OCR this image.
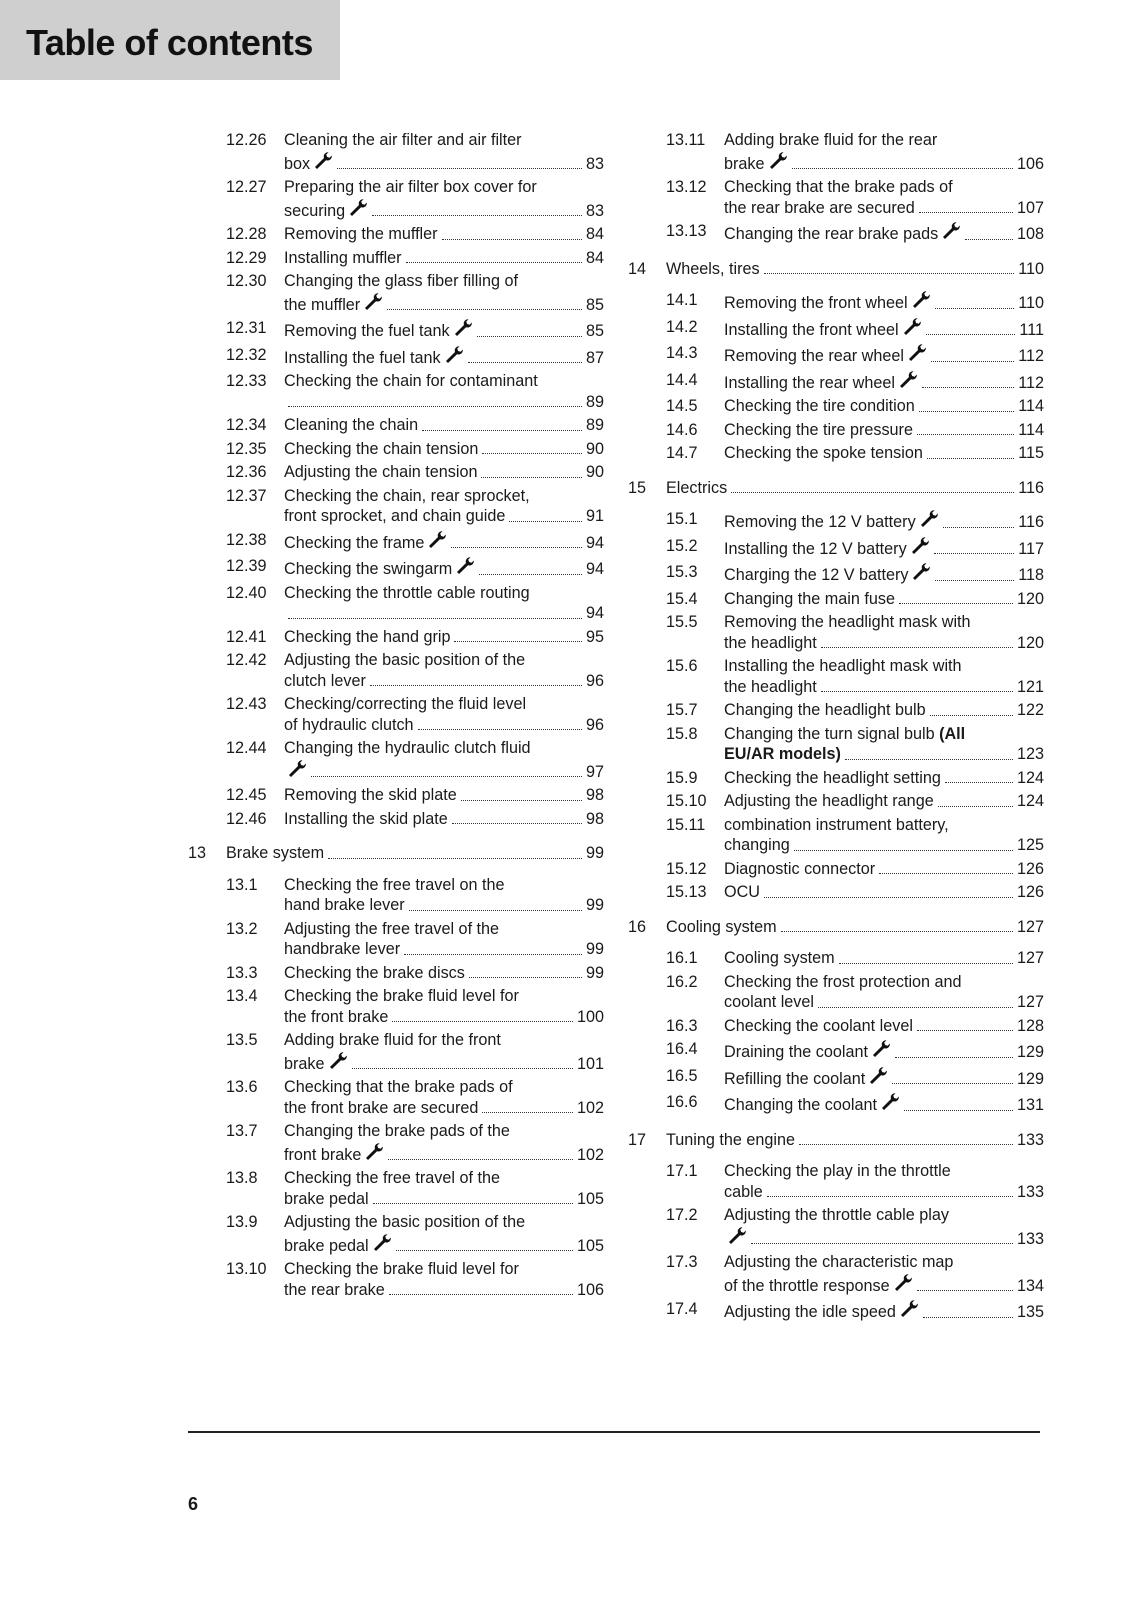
Table of contents
12.26 Cleaning the air filter and air filter
box	83
12.27 Preparing the air filter box cover for
securing	83
12.28 Removing the muffler	84
12.29 Installing muffler	84
12.30 Changing the glass fiber filling of
the muffler	85
12.31 Removing the fuel tank	85
12.32 Installing the fuel tank	87
12.33 Checking the chain for contaminant
89
12.34 Cleaning the chain	89
12.35 Checking the chain tension	90
12.36 Adjusting the chain tension	90
12.37 Checking the chain, rear sprocket,
front sprocket, and chain guide	91
12.38 Checking the frame	94
12.39 Checking the swingarm	94
12.40 Checking the throttle cable routing
94
12.41 Checking the hand grip	95
12.42 Adjusting the basic position of the
clutch lever	96
12.43 Checking/correcting the fluid level
of hydraulic clutch	96
12.44 Changing the hydraulic clutch fluid
97
12.45 Removing the skid plate	98
12.46 Installing the skid plate	98
13 Brake system	99
13.1 Checking the free travel on the
hand brake lever	99
13.2 Adjusting the free travel of the
handbrake lever	99
13.3 Checking the brake discs	99
13.4 Checking the brake fluid level for
the front brake	100
13.5 Adding brake fluid for the front
brake	101
13.6 Checking that the brake pads of
the front brake are secured	102
13.7 Changing the brake pads of the
front brake	102
13.8 Checking the free travel of the
brake pedal	105
13.9 Adjusting the basic position of the
brake pedal	105
13.10 Checking the brake fluid level for
the rear brake	106
13.11 Adding brake fluid for the rear
brake	106
13.12 Checking that the brake pads of
the rear brake are secured	107
13.13 Changing the rear brake pads	108
14 Wheels, tires	110
14.1 Removing the front wheel	110
14.2 Installing the front wheel	111
14.3 Removing the rear wheel	112
14.4 Installing the rear wheel	112
14.5 Checking the tire condition	114
14.6 Checking the tire pressure	114
14.7 Checking the spoke tension	115
15 Electrics	116
15.1 Removing the 12 V battery	116
15.2 Installing the 12 V battery	117
15.3 Charging the 12 V battery	118
15.4 Changing the main fuse	120
15.5 Removing the headlight mask with
the headlight	120
15.6 Installing the headlight mask with
the headlight	121
15.7 Changing the headlight bulb	122
15.8 Changing the turn signal bulb
(All
EU/AR models)	123
15.9 Checking the headlight setting	124
15.10 Adjusting the headlight range	124
15.11 combination instrument battery,
changing	125
15.12 Diagnostic connector	126
15.13 OCU	126
16 Cooling system	127
16.1 Cooling system	127
16.2 Checking the frost protection and
coolant level	127
16.3 Checking the coolant level	128
16.4 Draining the coolant	129
16.5 Refilling the coolant	129
16.6 Changing the coolant	131
17 Tuning the engine	133
17.1 Checking the play in the throttle
cable	133
17.2 Adjusting the throttle cable play
133
17.3 Adjusting the characteristic map
of the throttle response	134
17.4 Adjusting the idle speed	135
6
